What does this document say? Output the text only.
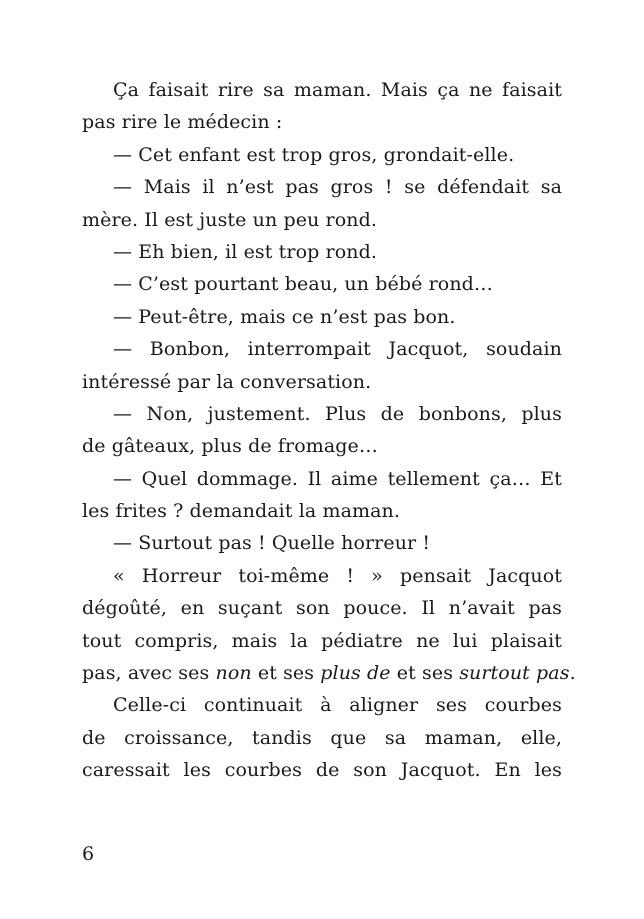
Ça faisait rire sa maman. Mais ça ne faisait
pas rire le médecin :
— Cet enfant est trop gros, grondait-elle.
— Mais il n’est pas gros ! se défendait sa
mère. Il est juste un peu rond.
— Eh bien, il est trop rond.
— C’est pourtant beau, un bébé rond…
— Peut-être, mais ce n’est pas bon.
— Bonbon, interrompait Jacquot, soudain
intéressé par la conversation.
— Non, justement. Plus de bonbons, plus
de gâteaux, plus de fromage…
— Quel dommage. Il aime tellement ça… Et
les frites ? demandait la maman.
— Surtout pas ! Quelle horreur !
« Horreur toi-même ! » pensait Jacquot
dégoûté, en suçant son pouce. Il n’avait pas
tout compris, mais la pédiatre ne lui plaisait
pas, avec ses non et ses plus de et ses surtout pas.
Celle-ci continuait à aligner ses courbes
de croissance, tandis que sa maman, elle,
caressait les courbes de son Jacquot. En les
6
